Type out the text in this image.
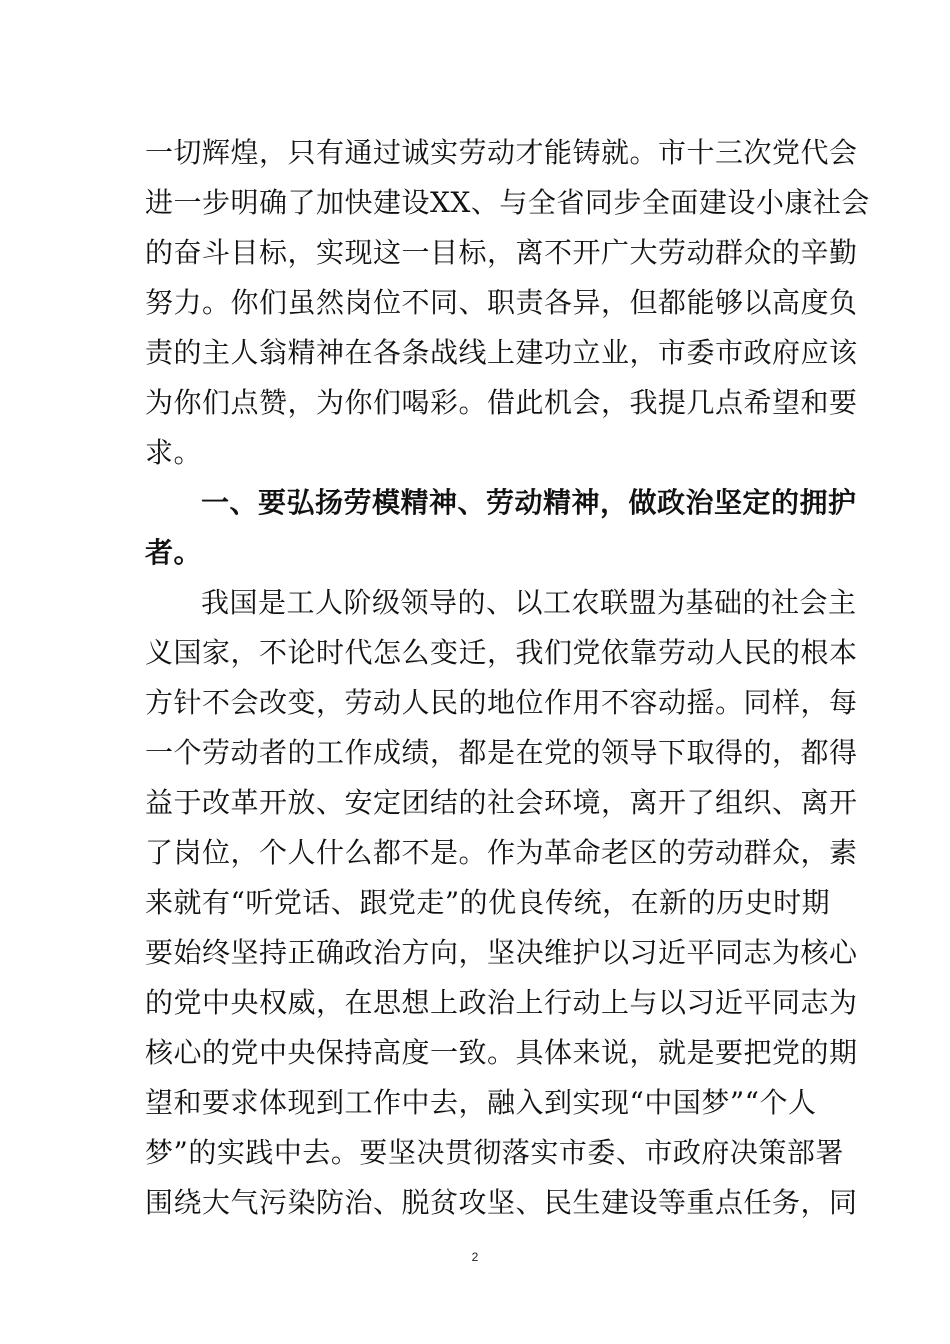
一切辉煌，只有通过诚实劳动才能铸就。市十三次党代会
进一步明确了加快建设XX、与全省同步全面建设小康社会
的奋斗目标，实现这一目标，离不开广大劳动群众的辛勤
努力。你们虽然岗位不同、职责各异，但都能够以高度负
责的主人翁精神在各条战线上建功立业，市委市政府应该
为你们点赞，为你们喝彩。借此机会，我提几点希望和要
求。
一、要弘扬劳模精神、劳动精神，做政治坚定的拥护
者。
我国是工人阶级领导的、以工农联盟为基础的社会主
义国家，不论时代怎么变迁，我们党依靠劳动人民的根本
方针不会改变，劳动人民的地位作用不容动摇。同样，每
一个劳动者的工作成绩，都是在党的领导下取得的，都得
益于改革开放、安定团结的社会环境，离开了组织、离开
了岗位，个人什么都不是。作为革命老区的劳动群众，素
来就有“听党话、跟党走”的优良传统，在新的历史时期
要始终坚持正确政治方向，坚决维护以习近平同志为核心
的党中央权威，在思想上政治上行动上与以习近平同志为
核心的党中央保持高度一致。具体来说，就是要把党的期
望和要求体现到工作中去，融入到实现“中国梦”“个人
梦”的实践中去。要坚决贯彻落实市委、市政府决策部署
围绕大气污染防治、脱贫攻坚、民生建设等重点任务，同
2
